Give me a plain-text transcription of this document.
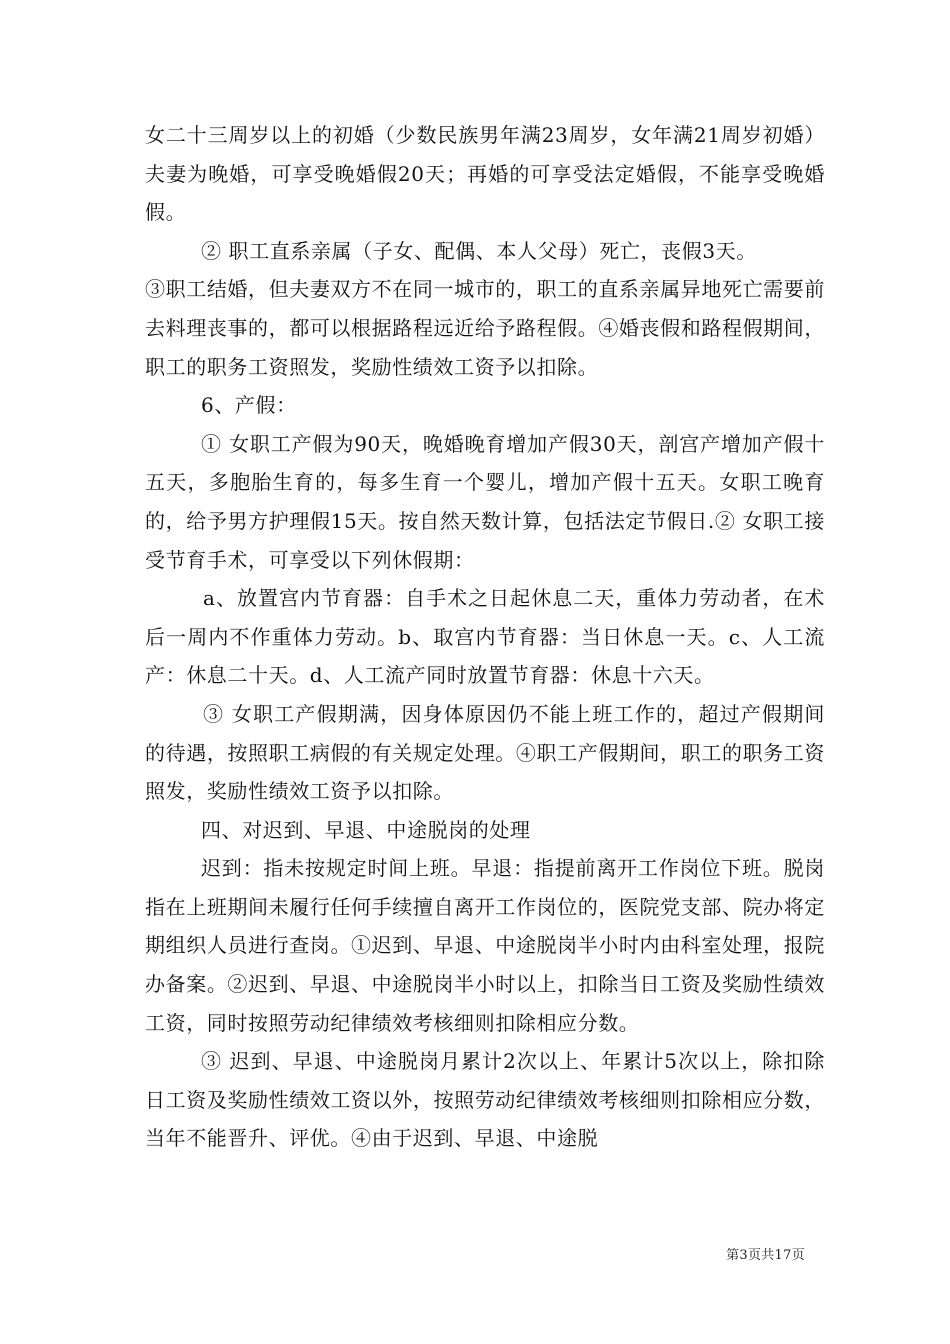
女二十三周岁以上的初婚（少数民族男年满23周岁，女年满21周岁初婚）夫妻为晚婚，可享受晚婚假20天；再婚的可享受法定婚假，不能享受晚婚假。

② 职工直系亲属（子女、配偶、本人父母）死亡，丧假3天。

③职工结婚，但夫妻双方不在同一城市的，职工的直系亲属异地死亡需要前去料理丧事的，都可以根据路程远近给予路程假。④婚丧假和路程假期间，职工的职务工资照发，奖励性绩效工资予以扣除。

6、产假：

① 女职工产假为90天，晚婚晚育增加产假30天，剖宫产增加产假十五天，多胞胎生育的，每多生育一个婴儿，增加产假十五天。女职工晚育的，给予男方护理假15天。按自然天数计算，包括法定节假日.② 女职工接受节育手术，可享受以下列休假期：

a、放置宫内节育器：自手术之日起休息二天，重体力劳动者，在术后一周内不作重体力劳动。b、取宫内节育器：当日休息一天。c、人工流产：休息二十天。d、人工流产同时放置节育器：休息十六天。

③ 女职工产假期满，因身体原因仍不能上班工作的，超过产假期间的待遇，按照职工病假的有关规定处理。④职工产假期间，职工的职务工资照发，奖励性绩效工资予以扣除。

四、对迟到、早退、中途脱岗的处理

迟到：指未按规定时间上班。早退：指提前离开工作岗位下班。脱岗指在上班期间未履行任何手续擅自离开工作岗位的，医院党支部、院办将定期组织人员进行查岗。①迟到、早退、中途脱岗半小时内由科室处理，报院办备案。②迟到、早退、中途脱岗半小时以上，扣除当日工资及奖励性绩效工资，同时按照劳动纪律绩效考核细则扣除相应分数。

③ 迟到、早退、中途脱岗月累计2次以上、年累计5次以上，除扣除日工资及奖励性绩效工资以外，按照劳动纪律绩效考核细则扣除相应分数，当年不能晋升、评优。④由于迟到、早退、中途脱

第3页共17页
